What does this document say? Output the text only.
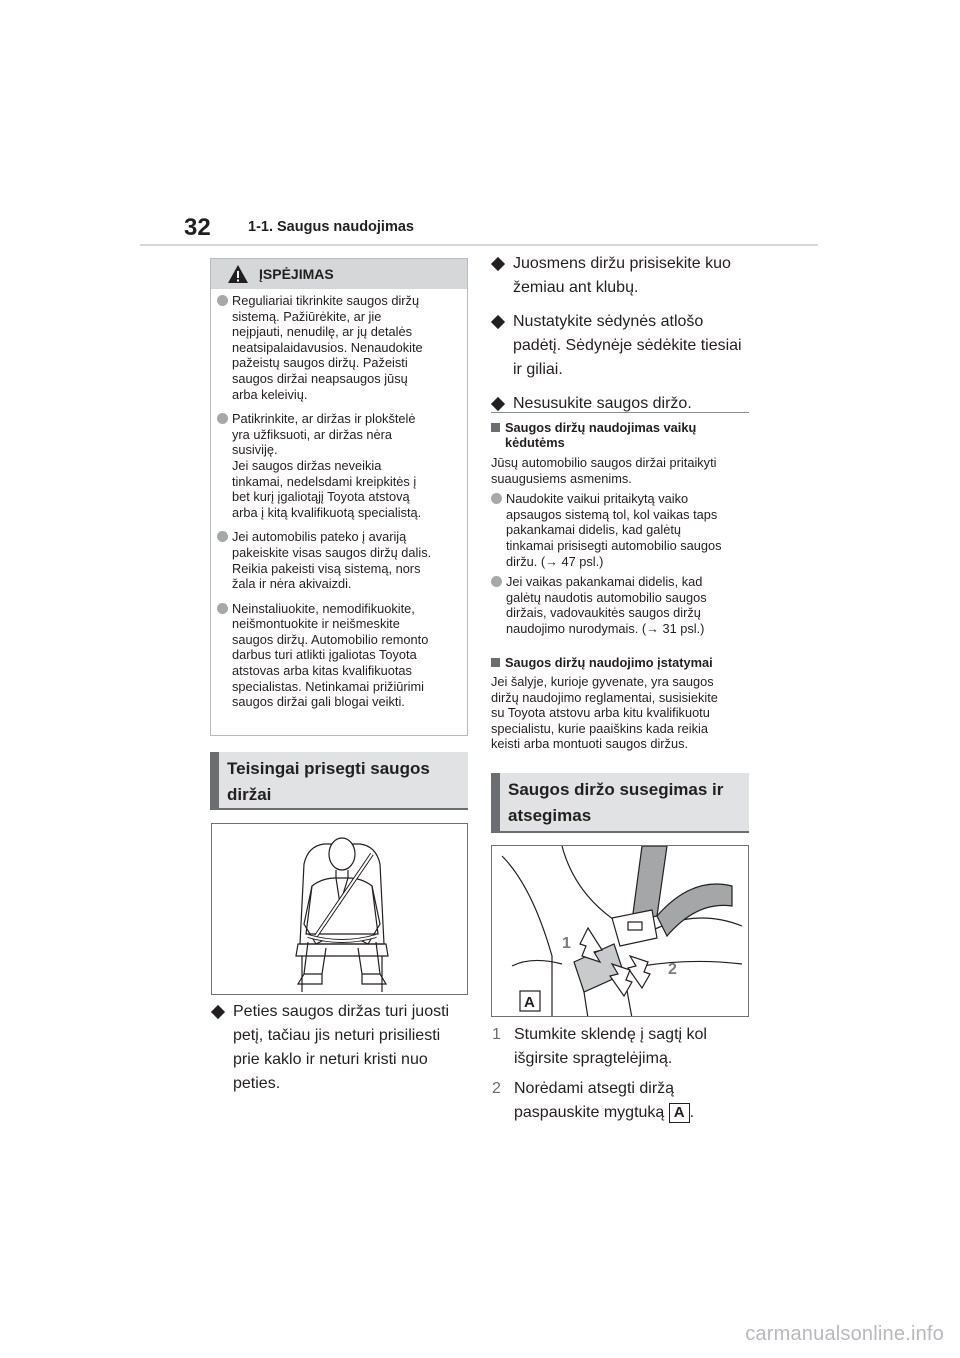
32	1-1. Saugus naudojimas
ĮSPĖJIMAS
Reguliariai tikrinkite saugos diržų
sistemą. Pažiūrėkite, ar jie
neįpjauti, nenudilę, ar jų detalės
neatsipalaidavusios. Nenaudokite
pažeistų saugos diržų. Pažeisti
saugos diržai neapsaugos jūsų
arba keleivių.
Patikrinkite, ar diržas ir plokštelė
yra užfiksuoti, ar diržas nėra
susiviję.
Jei saugos diržas neveikia
tinkamai, nedelsdami kreipkitės į
bet kurį įgaliotąjį Toyota atstovą
arba į kitą kvalifikuotą specialistą.
Jei automobilis pateko į avariją
pakeiskite visas saugos diržų dalis.
Reikia pakeisti visą sistemą, nors
žala ir nėra akivaizdi.
Neinstaliuokite, nemodifikuokite,
neišmontuokite ir neišmeskite
saugos diržų. Automobilio remonto
darbus turi atlikti įgaliotas Toyota
atstovas arba kitas kvalifikuotas
specialistas. Netinkamai prižiūrimi
saugos diržai gali blogai veikti.
Teisingai prisegti saugos
diržai
Peties saugos diržas turi juosti
petį, tačiau jis neturi prisiliesti
prie kaklo ir neturi kristi nuo
peties.
Juosmens diržu prisisekite kuo
žemiau ant klubų.
Nustatykite sėdynės atlošo
padėtį. Sėdynėje sėdėkite tiesiai
ir giliai.
Nesusukite saugos diržo.
Saugos diržų naudojimas vaikų
kėdutėms
Jūsų automobilio saugos diržai pritaikyti
suaugusiems asmenims.
Naudokite vaikui pritaikytą vaiko
apsaugos sistemą tol, kol vaikas taps
pakankamai didelis, kad galėtų
tinkamai prisisegti automobilio saugos
diržu. (→ 47 psl.)
Jei vaikas pakankamai didelis, kad
galėtų naudotis automobilio saugos
diržais, vadovaukitės saugos diržų
naudojimo nurodymais. (→ 31 psl.)
Saugos diržų naudojimo įstatymai
Jei šalyje, kurioje gyvenate, yra saugos
diržų naudojimo reglamentai, susisiekite
su Toyota atstovu arba kitu kvalifikuotu
specialistu, kurie paaiškins kada reikia
keisti arba montuoti saugos diržus.
Saugos diržo susegimas ir
atsegimas
1
2
A
1 Stumkite sklendę į sagtį kol
išgirsite spragtelėjimą.
2 Norėdami atsegti diržą
paspauskite mygtuką A .
carmanualsonline.info
